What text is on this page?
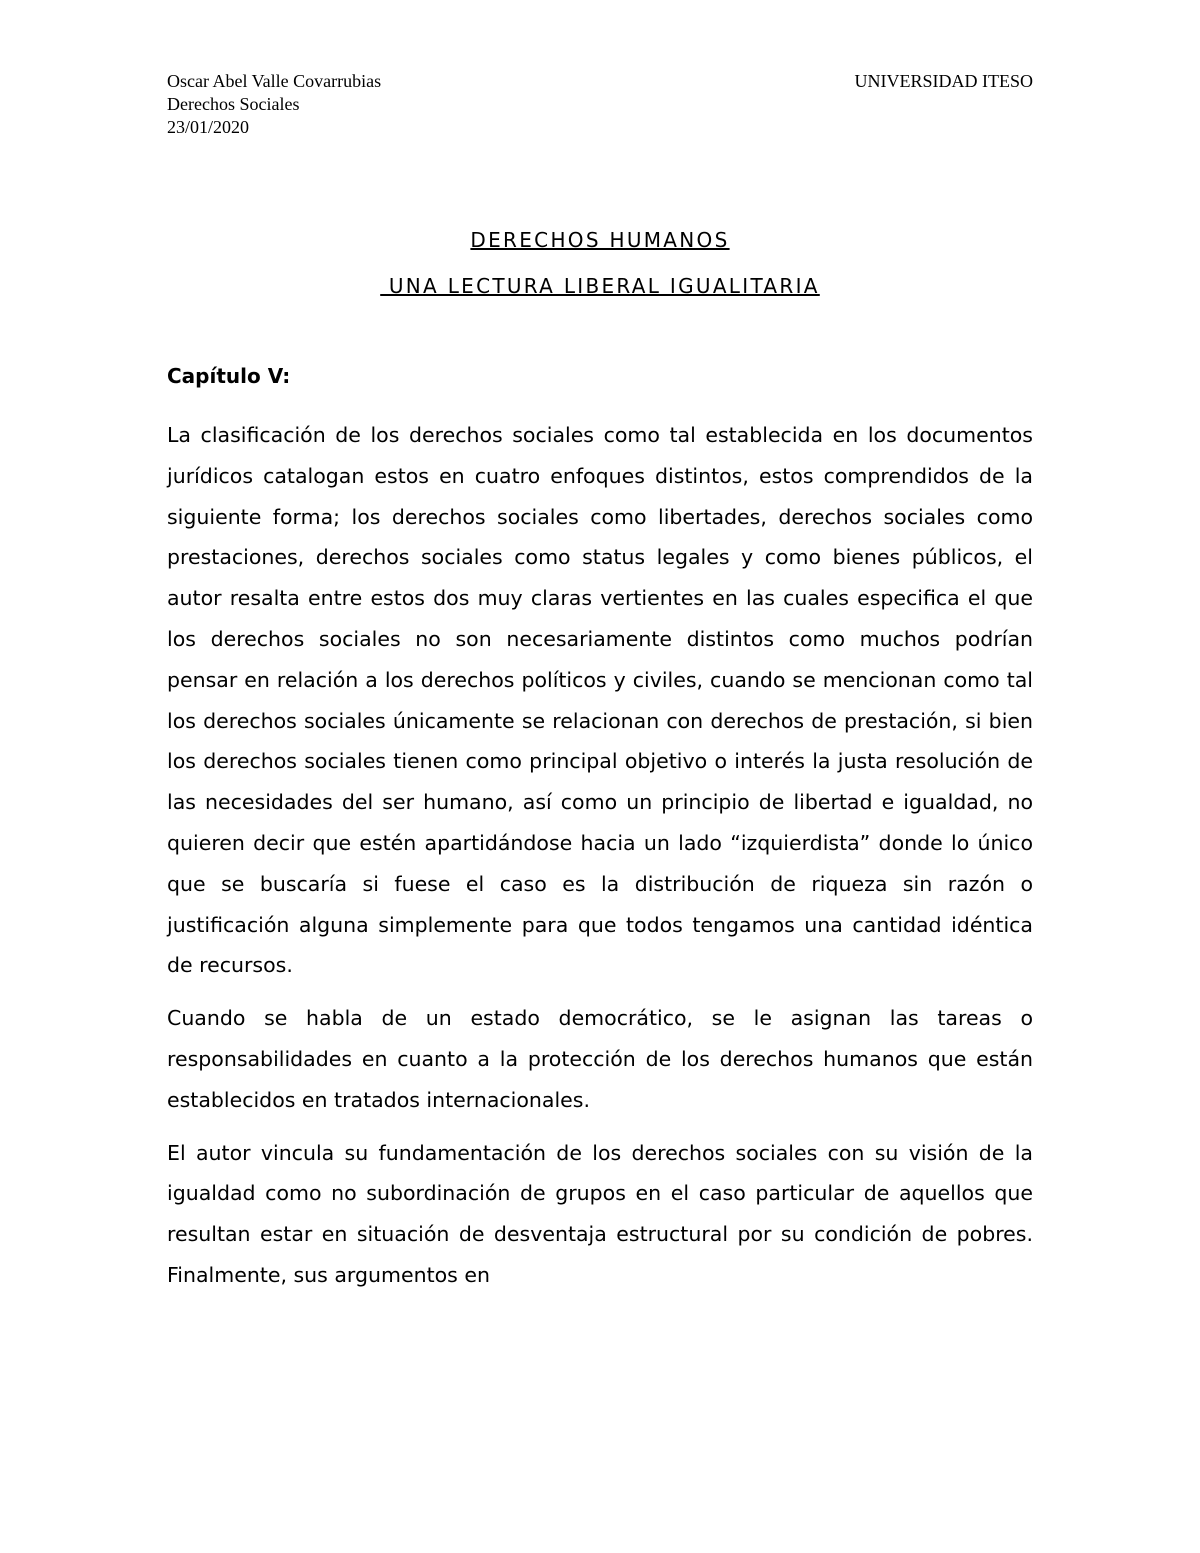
Oscar Abel Valle Covarrubias
Derechos Sociales
23/01/2020
UNIVERSIDAD ITESO
DERECHOS HUMANOS
UNA LECTURA LIBERAL IGUALITARIA
Capítulo V:

La clasificación de los derechos sociales como tal establecida en los documentos jurídicos catalogan estos en cuatro enfoques distintos, estos comprendidos de la siguiente forma; los derechos sociales como libertades, derechos sociales como prestaciones, derechos sociales como status legales y como bienes públicos, el autor resalta entre estos dos muy claras vertientes en las cuales especifica el que los derechos sociales no son necesariamente distintos como muchos podrían pensar en relación a los derechos políticos y civiles, cuando se mencionan como tal los derechos sociales únicamente se relacionan con derechos de prestación, si bien los derechos sociales tienen como principal objetivo o interés la justa resolución de las necesidades del ser humano, así como un principio de libertad e igualdad, no quieren decir que estén apartidándose hacia un lado “izquierdista” donde lo único que se buscaría si fuese el caso es la distribución de riqueza sin razón o justificación alguna simplemente para que todos tengamos una cantidad idéntica de recursos.

Cuando se habla de un estado democrático, se le asignan las tareas o responsabilidades en cuanto a la protección de los derechos humanos que están establecidos en tratados internacionales.

El autor vincula su fundamentación de los derechos sociales con su visión de la igualdad como no subordinación de grupos en el caso particular de aquellos que resultan estar en situación de desventaja estructural por su condición de pobres. Finalmente, sus argumentos en
